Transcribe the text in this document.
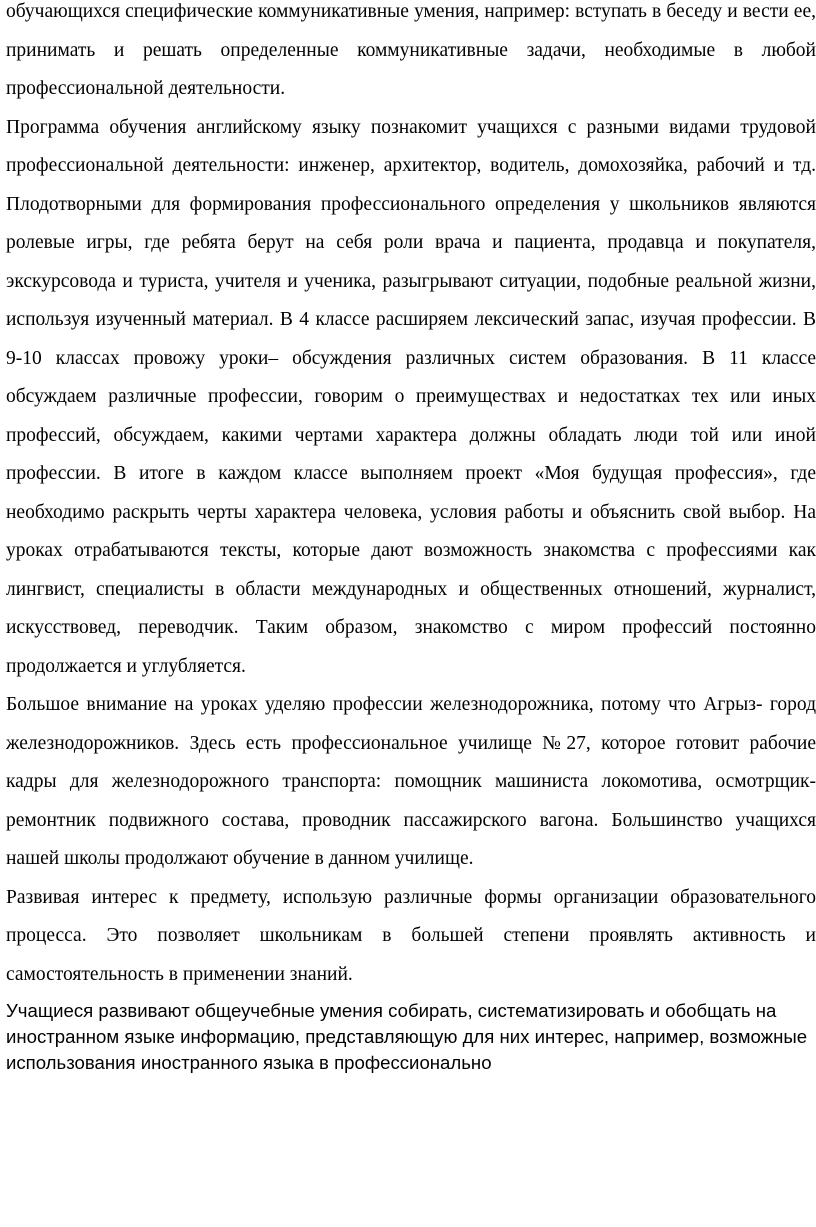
обучающихся специфические коммуникативные умения, например: вступать в беседу и вести ее, принимать и решать определенные коммуникативные задачи, необходимые в любой профессиональной деятельности.

Программа обучения английскому языку познакомит учащихся с разными видами трудовой профессиональной деятельности: инженер, архитектор, водитель, домохозяйка, рабочий и тд. Плодотворными для формирования профессионального определения у школьников являются ролевые игры, где ребята берут на себя роли врача и пациента, продавца и покупателя, экскурсовода и туриста, учителя и ученика, разыгрывают ситуации, подобные реальной жизни, используя изученный материал. В 4 классе расширяем лексический запас, изучая профессии. В 9-10 классах провожу уроки– обсуждения различных систем образования. В 11 классе обсуждаем различные профессии, говорим о преимуществах и недостатках тех или иных профессий, обсуждаем, какими чертами характера должны обладать люди той или иной профессии. В итоге в каждом классе выполняем проект «Моя будущая профессия», где необходимо раскрыть черты характера человека, условия работы и объяснить свой выбор. На уроках отрабатываются тексты, которые дают возможность знакомства с профессиями как лингвист, специалисты в области международных и общественных отношений, журналист, искусствовед, переводчик. Таким образом, знакомство с миром профессий постоянно продолжается и углубляется.

Большое внимание на уроках уделяю профессии железнодорожника, потому что Агрыз- город железнодорожников. Здесь есть профессиональное училище №27, которое готовит рабочие кадры для железнодорожного транспорта: помощник машиниста локомотива, осмотрщик- ремонтник подвижного состава, проводник пассажирского вагона. Большинство учащихся нашей школы продолжают обучение в данном училище.

Развивая интерес к предмету, использую различные формы организации образовательного процесса. Это позволяет школьникам в большей степени проявлять активность и самостоятельность в применении знаний.

Учащиеся развивают общеучебные умения собирать, систематизировать и обобщать на иностранном языке информацию, представляющую для них интерес, например, возможные использования иностранного языка в профессионально
